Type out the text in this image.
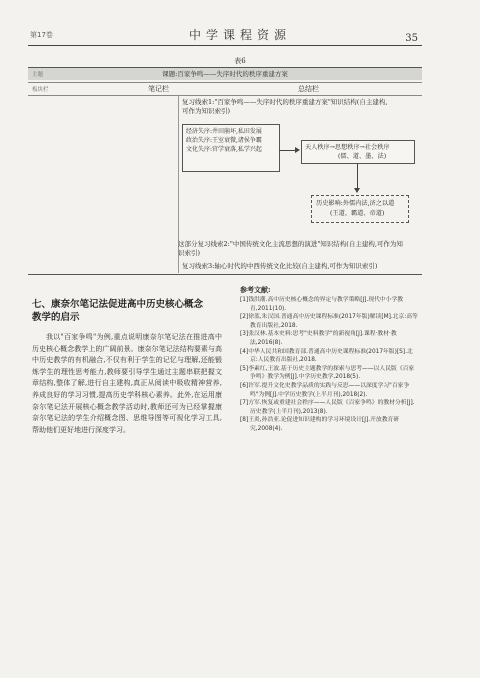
第17卷	中学课程资源	35
表6
主题	课题:百家争鸣——失序时代的秩序重建方案
板块栏	笔记栏	总结栏
复习线索1:"百家争鸣——失序时代的秩序重建方案"知识结构(自主建构,可作为知识索引)
经济失序:井田崩坏,私田发展
政治失序:王室衰微,诸侯争霸
文化失序:官学衰落,私学兴起	天人秩序→思想秩序→社会秩序
(儒、道、墨、法)
历史影响:外儒内法,济之以道
(王道、霸道、帝道)
这部分复习线索2:"中国传统文化主流思想的演进"知识结构(自主建构,可作为知识索引)
复习线索3:轴心时代的中西传统文化比较(自主建构,可作为知识索引)
七、康奈尔笔记法促进高中历史核心概念
教学的启示
我以"百家争鸣"为例,重点说明康奈尔笔记法在推进高中历史核心概念教学上的广阔前景。康奈尔笔记法结构要素与高中历史教学的有机融合,不仅有利于学生的记忆与理解,还能锻炼学生的理性思考能力,教师要引导学生通过主题串联把握文章结构,整体了解,进行自主建构,真正从阅读中吸收精神营养,养成良好的学习习惯,提高历史学科核心素养。此外,在运用康奈尔笔记法开展核心概念教学活动时,教师还可为已经掌握康奈尔笔记法的学生介绍概念图、思维导图等可视化学习工具,帮助他们更好地进行深度学习。
参考文献:
[1]钱洪潮.高中历史核心概念的界定与教学策略[J].现代中小学教育,2011(10).
[2]徐蓝,朱汉国.普通高中历史课程标准(2017年版)解读[M].北京:高等教育出版社,2018.
[3]张汉林.基本史料:思考"史料教学"的新视角[J].课程·教材·教法,2016(8).
[4]中华人民共和国教育部.普通高中历史课程标准(2017年版)[S].北京:人民教育出版社,2018.
[5]李素红,王波.基于历史主题教学的探索与思考——以人民版《百家争鸣》教学为例[J].中学历史教学,2018(5).
[6]许军.提升文化史教学品质的实践与反思——以深度学习"百家争鸣"为例[J].中学历史教学(上半月刊),2018(2).
[7]方军.恢复或重建社会秩序——人民版《百家争鸣》的教材分析[J].历史教学(上半月刊),2013(8).
[8]王炎,孙浩亚.论促进知识建构的学习环境设计[J].开放教育研究,2008(4).
